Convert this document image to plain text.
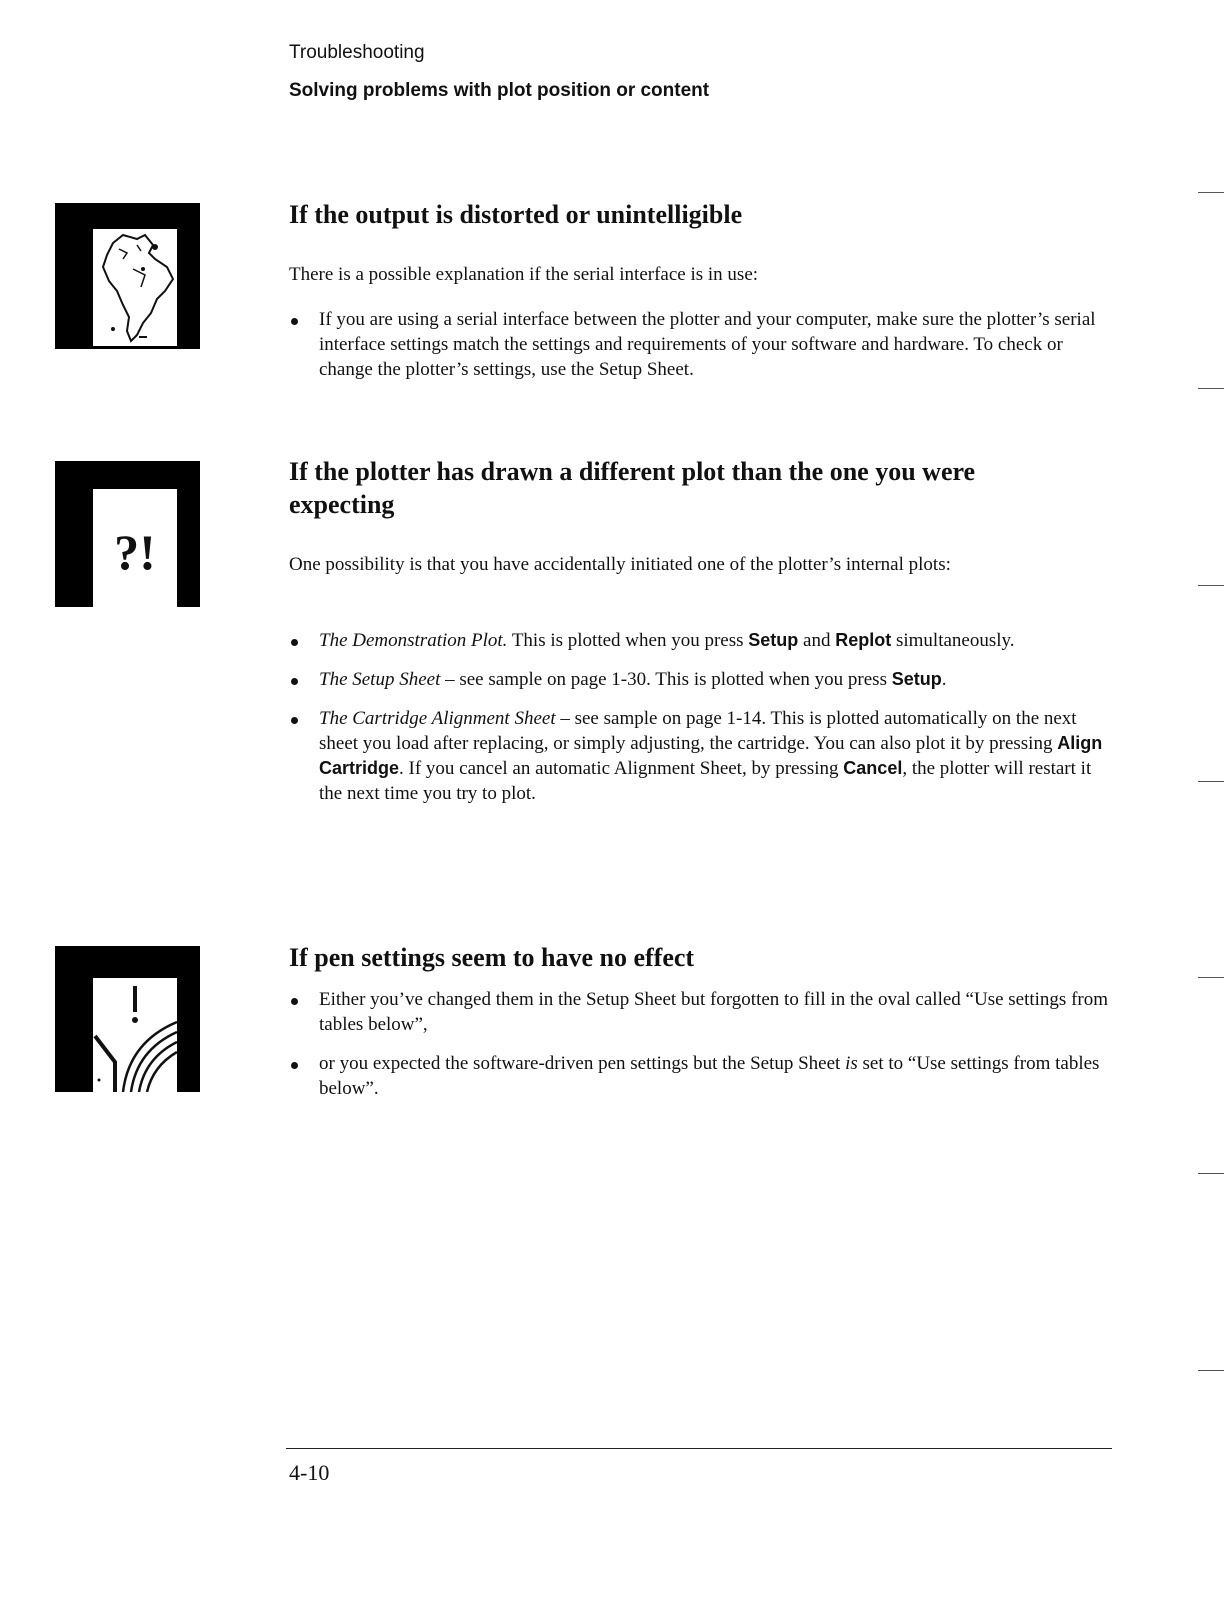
Troubleshooting
Solving problems with plot position or content
?!
If the output is distorted or unintelligible

There is a possible explanation if the serial interface is in use:

If you are using a serial interface between the plotter and your computer, make sure the plotter’s serial interface settings match the settings and requirements of your software and hardware. To check or change the plotter’s settings, use the Setup Sheet.
If the plotter has drawn a different plot than the one you were expecting

One possibility is that you have accidentally initiated one of the plotter’s internal plots:

The Demonstration Plot. This is plotted when you press Setup and Replot simultaneously.
The Setup Sheet – see sample on page 1-30. This is plotted when you press Setup.
The Cartridge Alignment Sheet – see sample on page 1-14. This is plotted automatically on the next sheet you load after replacing, or simply adjusting, the cartridge. You can also plot it by pressing Align Cartridge. If you cancel an automatic Alignment Sheet, by pressing Cancel, the plotter will restart it the next time you try to plot.
If pen settings seem to have no effect
Either you’ve changed them in the Setup Sheet but forgotten to fill in the oval called “Use settings from tables below”,
or you expected the software-driven pen settings but the Setup Sheet is set to “Use settings from tables below”.
4-10
